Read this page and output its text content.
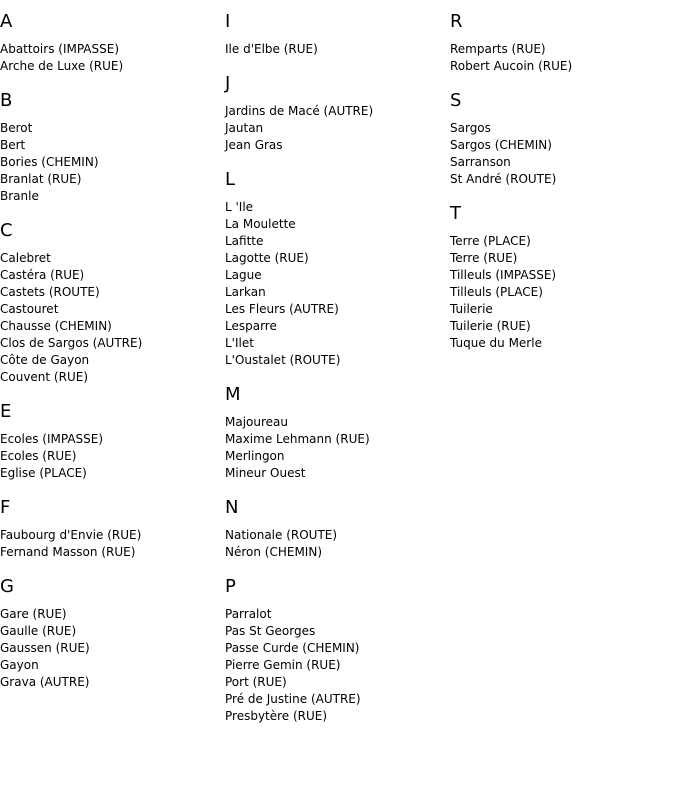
A
Abattoirs (IMPASSE)
Arche de Luxe (RUE)
B
Berot
Bert
Bories (CHEMIN)
Branlat (RUE)
Branle
C
Calebret
Castéra (RUE)
Castets (ROUTE)
Castouret
Chausse (CHEMIN)
Clos de Sargos (AUTRE)
Côte de Gayon
Couvent (RUE)
E
Ecoles (IMPASSE)
Ecoles (RUE)
Eglise (PLACE)
F
Faubourg d'Envie (RUE)
Fernand Masson (RUE)
G
Gare (RUE)
Gaulle (RUE)
Gaussen (RUE)
Gayon
Grava (AUTRE)
I
Ile d'Elbe (RUE)
J
Jardins de Macé (AUTRE)
Jautan
Jean Gras
L
L 'Ile
La Moulette
Lafitte
Lagotte (RUE)
Lague
Larkan
Les Fleurs (AUTRE)
Lesparre
L'Ilet
L'Oustalet (ROUTE)
M
Majoureau
Maxime Lehmann (RUE)
Merlingon
Mineur Ouest
N
Nationale (ROUTE)
Néron (CHEMIN)
P
Parralot
Pas St Georges
Passe Curde (CHEMIN)
Pierre Gemin (RUE)
Port (RUE)
Pré de Justine (AUTRE)
Presbytère (RUE)
R
Remparts (RUE)
Robert Aucoin (RUE)
S
Sargos
Sargos (CHEMIN)
Sarranson
St André (ROUTE)
T
Terre (PLACE)
Terre (RUE)
Tilleuls (IMPASSE)
Tilleuls (PLACE)
Tuilerie
Tuilerie (RUE)
Tuque du Merle
